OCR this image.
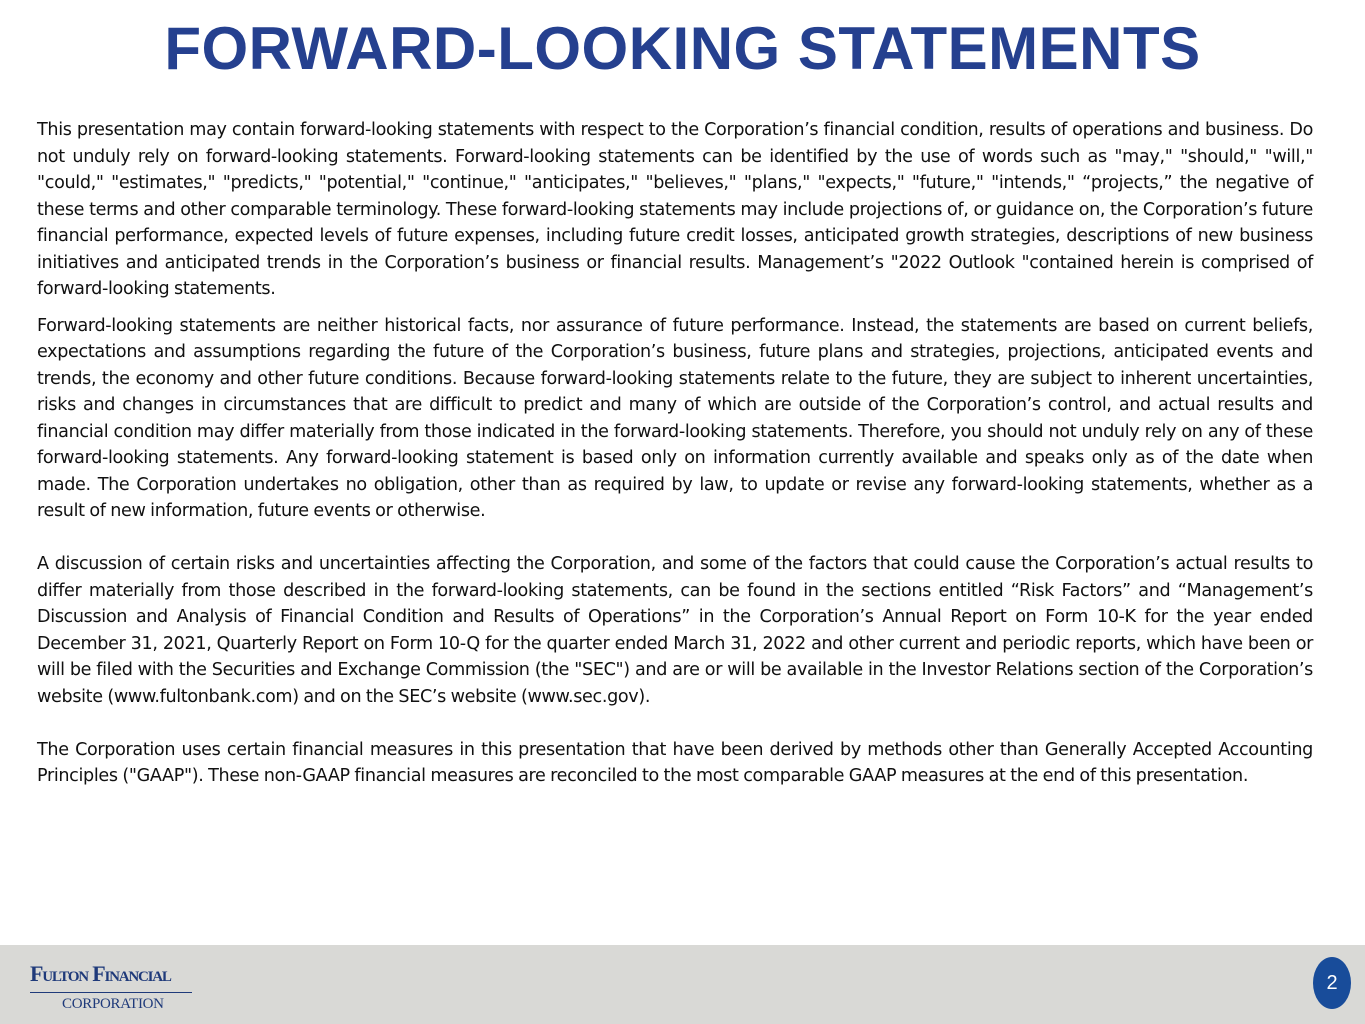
FORWARD-LOOKING STATEMENTS

This presentation may contain forward-looking statements with respect to the Corporation’s financial condition, results of operations and business. Do not unduly rely on forward-looking statements. Forward-looking statements can be identified by the use of words such as "may," "should," "will," "could," "estimates," "predicts," "potential," "continue," "anticipates," "believes," "plans," "expects," "future," "intends," “projects,” the negative of these terms and other comparable terminology. These forward-looking statements may include projections of, or guidance on, the Corporation’s future financial performance, expected levels of future expenses, including future credit losses, anticipated growth strategies, descriptions of new business initiatives and anticipated trends in the Corporation’s business or financial results. Management’s "2022 Outlook "contained herein is comprised of forward-looking statements.

Forward-looking statements are neither historical facts, nor assurance of future performance. Instead, the statements are based on current beliefs, expectations and assumptions regarding the future of the Corporation’s business, future plans and strategies, projections, anticipated events and trends, the economy and other future conditions. Because forward-looking statements relate to the future, they are subject to inherent uncertainties, risks and changes in circumstances that are difficult to predict and many of which are outside of the Corporation’s control, and actual results and financial condition may differ materially from those indicated in the forward-looking statements. Therefore, you should not unduly rely on any of these forward-looking statements. Any forward-looking statement is based only on information currently available and speaks only as of the date when made. The Corporation undertakes no obligation, other than as required by law, to update or revise any forward-looking statements, whether as a result of new information, future events or otherwise.

A discussion of certain risks and uncertainties affecting the Corporation, and some of the factors that could cause the Corporation’s actual results to differ materially from those described in the forward-looking statements, can be found in the sections entitled “Risk Factors” and “Management’s Discussion and Analysis of Financial Condition and Results of Operations” in the Corporation’s Annual Report on Form 10-K for the year ended December 31, 2021, Quarterly Report on Form 10-Q for the quarter ended March 31, 2022 and other current and periodic reports, which have been or will be filed with the Securities and Exchange Commission (the "SEC") and are or will be available in the Investor Relations section of the Corporation’s website (www.fultonbank.com) and on the SEC’s website (www.sec.gov).

The Corporation uses certain financial measures in this presentation that have been derived by methods other than Generally Accepted Accounting Principles ("GAAP"). These non-GAAP financial measures are reconciled to the most comparable GAAP measures at the end of this presentation.

Fulton Financial
CORPORATION
2
